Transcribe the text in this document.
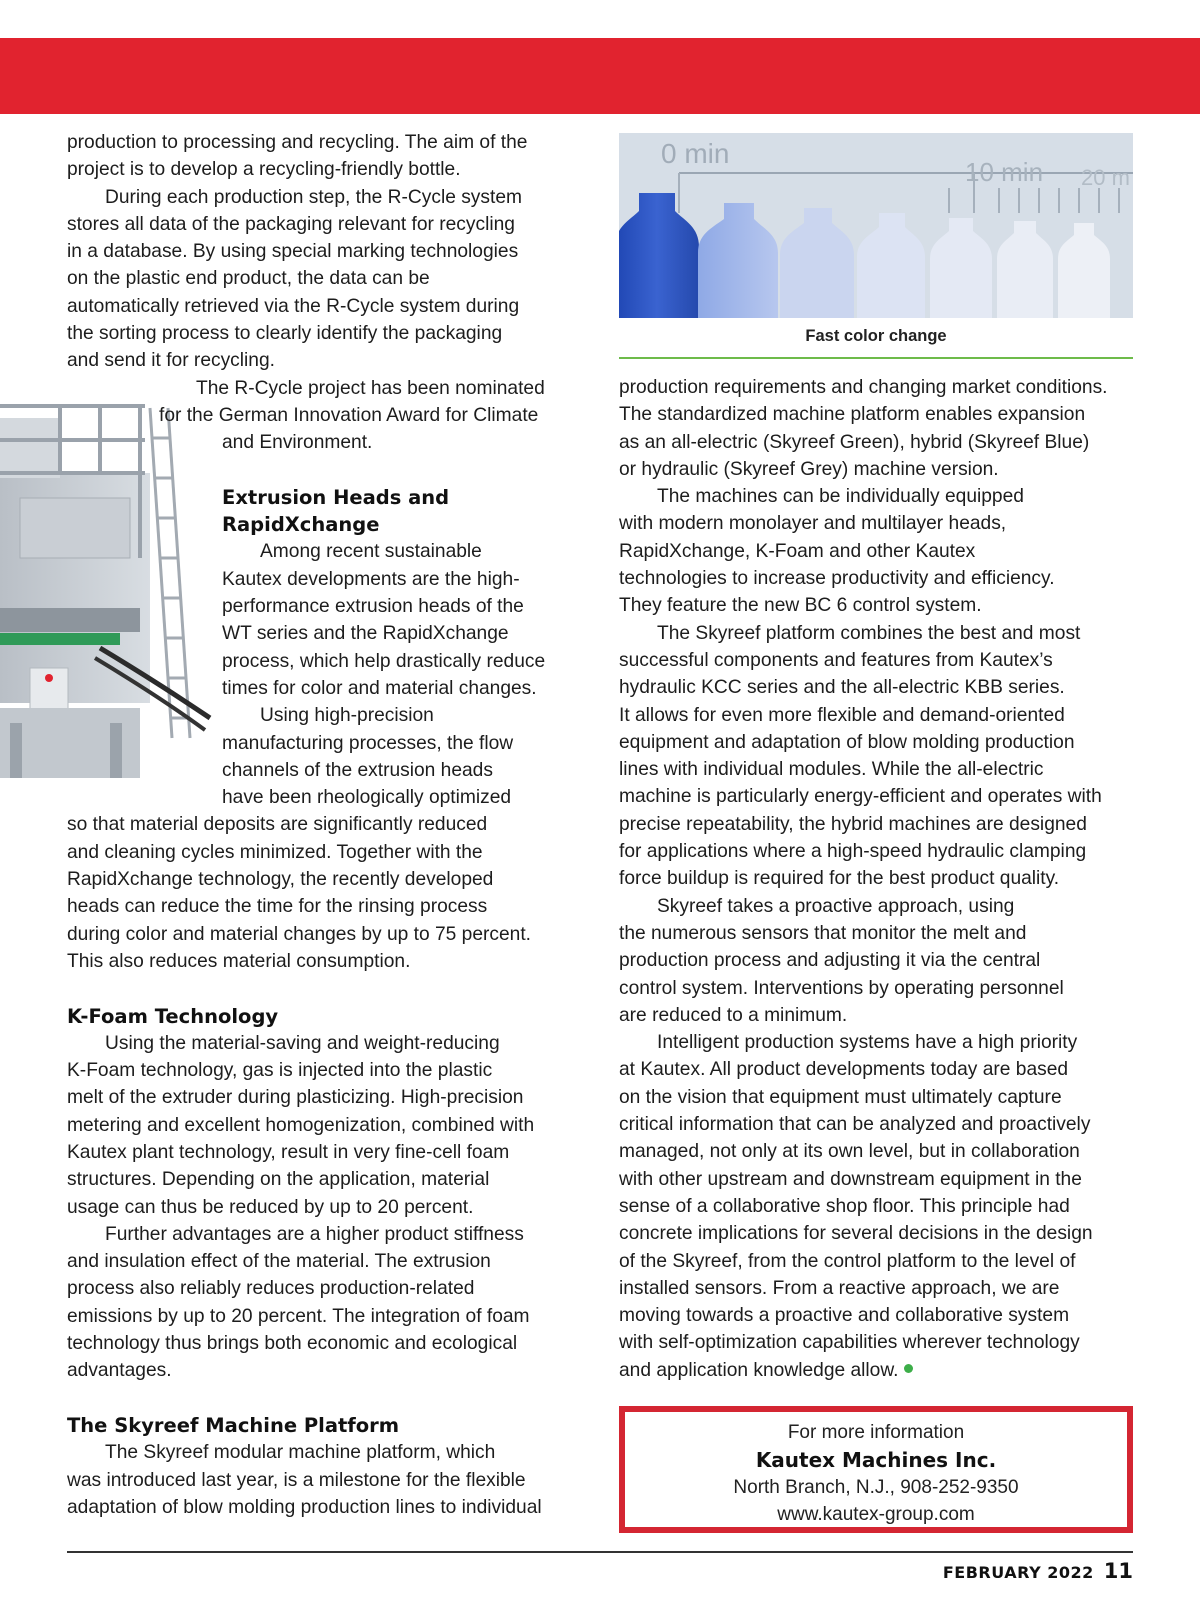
production to processing and recycling. The aim of the
project is to develop a recycling-friendly bottle.
During each production step, the R-Cycle system
stores all data of the packaging relevant for recycling
in a database. By using special marking technologies
on the plastic end product, the data can be
automatically retrieved via the R-Cycle system during
the sorting process to clearly identify the packaging
and send it for recycling.
The R-Cycle project has been nominated
for the German Innovation Award for Climate
and Environment.

Extrusion Heads and
RapidXchange
Among recent sustainable
Kautex developments are the high-
performance extrusion heads of the
WT series and the RapidXchange
process, which help drastically reduce
times for color and material changes.
Using high-precision
manufacturing processes, the flow
channels of the extrusion heads
have been rheologically optimized
so that material deposits are significantly reduced
and cleaning cycles minimized. Together with the
RapidXchange technology, the recently developed
heads can reduce the time for the rinsing process
during color and material changes by up to 75 percent.
This also reduces material consumption.

K-Foam Technology
Using the material-saving and weight-reducing
K-Foam technology, gas is injected into the plastic
melt of the extruder during plasticizing. High-precision
metering and excellent homogenization, combined with
Kautex plant technology, result in very fine-cell foam
structures. Depending on the application, material
usage can thus be reduced by up to 20 percent.
Further advantages are a higher product stiffness
and insulation effect of the material. The extrusion
process also reliably reduces production-related
emissions by up to 20 percent. The integration of foam
technology thus brings both economic and ecological
advantages.

The Skyreef Machine Platform
The Skyreef modular machine platform, which
was introduced last year, is a milestone for the flexible
adaptation of blow molding production lines to individual
0 min
10 min 20 m
Fast color change
production requirements and changing market conditions.
The standardized machine platform enables expansion
as an all-electric (Skyreef Green), hybrid (Skyreef Blue)
or hydraulic (Skyreef Grey) machine version.
The machines can be individually equipped
with modern monolayer and multilayer heads,
RapidXchange, K-Foam and other Kautex
technologies to increase productivity and efficiency.
They feature the new BC 6 control system.
The Skyreef platform combines the best and most
successful components and features from Kautex’s
hydraulic KCC series and the all-electric KBB series.
It allows for even more flexible and demand-oriented
equipment and adaptation of blow molding production
lines with individual modules. While the all-electric
machine is particularly energy-efficient and operates with
precise repeatability, the hybrid machines are designed
for applications where a high-speed hydraulic clamping
force buildup is required for the best product quality.
Skyreef takes a proactive approach, using
the numerous sensors that monitor the melt and
production process and adjusting it via the central
control system. Interventions by operating personnel
are reduced to a minimum.
Intelligent production systems have a high priority
at Kautex. All product developments today are based
on the vision that equipment must ultimately capture
critical information that can be analyzed and proactively
managed, not only at its own level, but in collaboration
with other upstream and downstream equipment in the
sense of a collaborative shop floor. This principle had
concrete implications for several decisions in the design
of the Skyreef, from the control platform to the level of
installed sensors. From a reactive approach, we are
moving towards a proactive and collaborative system
with self-optimization capabilities wherever technology
and application knowledge allow.
For more information
Kautex Machines Inc.
North Branch, N.J., 908-252-9350
www.kautex-group.com
FEBRUARY 2022 11
